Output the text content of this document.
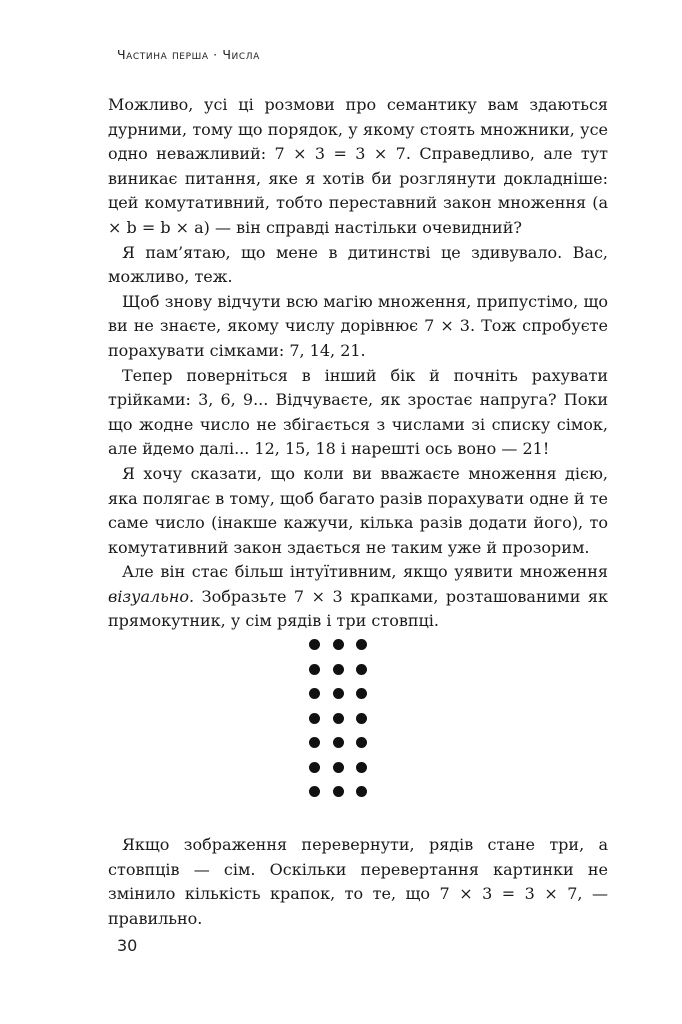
Частина перша · Числа

Можливо, усі ці розмови про семантику вам здаються дурними, тому що порядок, у якому стоять множники, усе одно неважливий: 7 × 3 = 3 × 7. Справедливо, але тут виникає питання, яке я хотів би розглянути докладніше: цей комутативний, тобто переставний закон множення (a × b = b × a) — він справді настільки очевидний?

Я пам’ятаю, що мене в дитинстві це здивувало. Вас, можливо, теж.

Щоб знову відчути всю магію множення, припустімо, що ви не знаєте, якому числу дорівнює 7 × 3. Тож спробуєте порахувати сімками: 7, 14, 21.

Тепер поверніться в інший бік й почніть рахувати трійками: 3, 6, 9... Відчуваєте, як зростає напруга? Поки що жодне число не збігається з числами зі списку сімок, але йдемо далі... 12, 15, 18 і нарешті ось воно — 21!

Я хочу сказати, що коли ви вважаєте множення дією, яка полягає в тому, щоб багато разів порахувати одне й те саме число (інакше кажучи, кілька разів додати його), то комутативний закон здається не таким уже й прозорим.

Але він стає більш інтуїтивним, якщо уявити множення візуально. Зобразьте 7 × 3 крапками, розташованими як прямокутник, у сім рядів і три стовпці.

Якщо зображення перевернути, рядів стане три, а стовпців — сім. Оскільки перевертання картинки не змінило кількість крапок, то те, що 7 × 3 = 3 × 7, — правильно.

30
